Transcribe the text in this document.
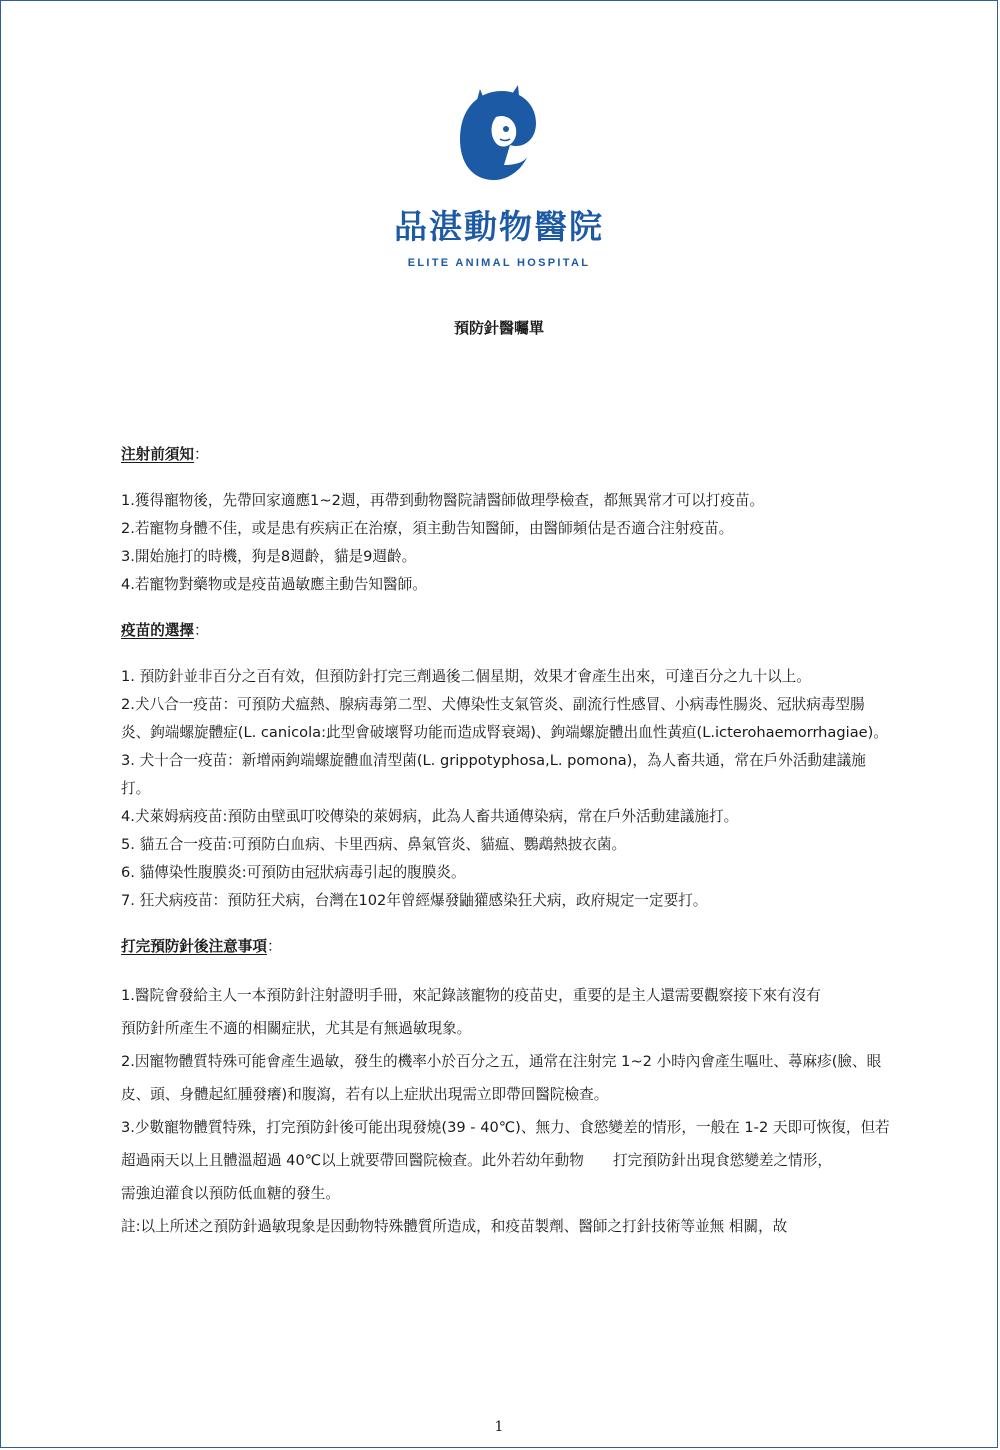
品湛動物醫院
ELITE ANIMAL HOSPITAL
預防針醫囑單

注射前須知：

1.獲得寵物後，先帶回家適應1~2週，再帶到動物醫院請醫師做理學檢查，都無異常才可以打疫苗。

2.若寵物身體不佳，或是患有疾病正在治療，須主動告知醫師，由醫師頻估是否適合注射疫苗。

3.開始施打的時機，狗是8週齡，貓是9週齡。

4.若寵物對藥物或是疫苗過敏應主動告知醫師。

疫苗的選擇：

1. 預防針並非百分之百有效，但預防針打完三劑過後二個星期，效果才會產生出來，可達百分之九十以上。

2.犬八合一疫苗：可預防犬瘟熱、腺病毒第二型、犬傳染性支氣管炎、副流行性感冒、小病毒性腸炎、冠狀病毒型腸炎、鉤端螺旋體症(L. canicola:此型會破壞腎功能而造成腎衰竭)、鉤端螺旋體出血性黃疸(L.icterohaemorrhagiae)。

3. 犬十合一疫苗：新增兩鉤端螺旋體血清型菌(L. grippotyphosa,L. pomona)，為人畜共通，常在戶外活動建議施打。

4.犬萊姆病疫苗:預防由壁虱叮咬傳染的萊姆病，此為人畜共通傳染病，常在戶外活動建議施打。

5. 貓五合一疫苗:可預防白血病、卡里西病、鼻氣管炎、貓瘟、鸚鵡熱披衣菌。

6. 貓傳染性腹膜炎:可預防由冠狀病毒引起的腹膜炎。

7. 狂犬病疫苗：預防狂犬病，台灣在102年曾經爆發鼬獾感染狂犬病，政府規定一定要打。

打完預防針後注意事項：

1.醫院會發給主人一本預防針注射證明手冊，來記錄該寵物的疫苗史，重要的是主人還需要觀察接下來有沒有

預防針所產生不適的相關症狀，尤其是有無過敏現象。

2.因寵物體質特殊可能會產生過敏，發生的機率小於百分之五，通常在注射完 1~2 小時內會產生嘔吐、蕁麻疹(臉、眼皮、頭、身體起紅腫發癢)和腹瀉，若有以上症狀出現需立即帶回醫院檢查。

3.少數寵物體質特殊，打完預防針後可能出現發燒(39 - 40℃)、無力、食慾變差的情形，一般在 1-2 天即可恢復，但若超過兩天以上且體溫超過 40℃以上就要帶回醫院檢查。此外若幼年動物　　打完預防針出現食慾變差之情形，

需強迫灌食以預防低血糖的發生。

註:以上所述之預防針過敏現象是因動物特殊體質所造成，和疫苗製劑、醫師之打針技術等並無 相關，故

1
